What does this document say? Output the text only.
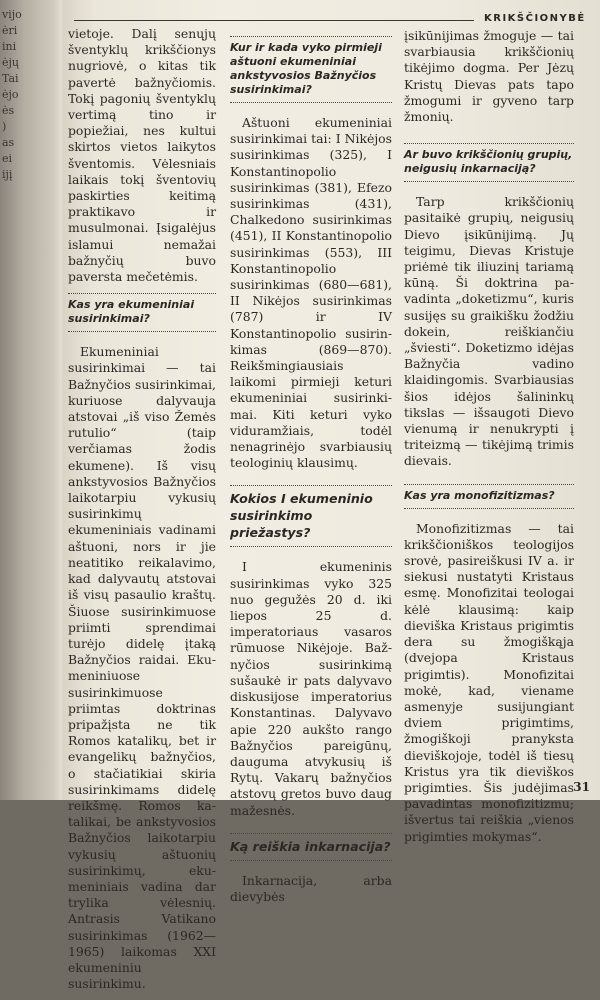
vijo
ėri
ini
ėjų
Tai
ėjo
ės
)
as
ei
ijį
KRIKŠČIONYBĖ

vietoje. Dalį senųjų šventyklų krikščionys nugriovė, o kitas tik pavertė bažnyčiomis. Tokį pagonių šventyklų vertimą tino ir popiežiai, nes kultui skirtos vietos laikytos šventomis. Vėlesniais laikais tokį šventovių paskirties keitimą praktikavo ir musulmonai. Įsigalėjus islamui nemažai bažnyčių buvo paversta mečetėmis.

Kas yra ekumeniniai susirinkimai?

Ekumeniniai susirinkimai — tai Bažnyčios susirinkimai, kuriuose dalyvauja atstovai „iš viso Žemės rutulio“ (taip verčiamas žodis ekumene). Iš visų ankstyvosios Bažnyčios laikotarpiu vykusių susirinkimų ekumeniniais vadinami aštuoni, nors ir jie neatitiko reikalavimo, kad dalyvautų atstovai iš visų pasaulio kraštų. Šiuose susirinkimuose priimti sprendimai turėjo didelę įtaką Bažnyčios raidai. Ekumeniniuose susirinkimuose priimtas doktrinas pripažįsta ne tik Romos katalikų, bet ir evangelikų bažnyčios, o stačiatikiai skiria susirinkimams didelę reikšmę. Romos katalikai, be ankstyvosios Bažnyčios laikotarpiu vykusių aštuonių susirinkimų, ekumeniniais vadina dar trylika vėlesnių. Antrasis Vatikano susirinkimas (1962—1965) laikomas XXI ekumeniniu susirinkimu.

Kur ir kada vyko pirmieji aštuoni ekumeniniai ankstyvosios Bažnyčios susirinkimai?

Aštuoni ekumeniniai susirinkimai tai: I Nikėjos susirinkimas (325), I Konstantinopolio susirinkimas (381), Efezo susirinkimas (431), Chalkedono susirinkimas (451), II Konstantinopolio susirinkimas (553), III Konstantinopolio susirinkimas (680—681), II Nikėjos susirinkimas (787) ir IV Konstantinopolio susirinkimas (869—870). Reikšmingiausiais laikomi pirmieji keturi ekumeniniai susirinkimai. Kiti keturi vyko viduramžiais, todėl nenagrinėjo svarbiausių teologinių klausimų.

Kokios I ekumeninio susirinkimo priežastys?

I ekumeninis susirinkimas vyko 325 nuo gegužės 20 d. iki liepos 25 d. imperatoriaus vasaros rūmuose Nikėjoje. Bažnyčios susirinkimą sušaukė ir pats dalyvavo diskusijose imperatorius Konstantinas. Dalyvavo apie 220 aukšto rango Bažnyčios pareigūnų, dauguma atvykusių iš Rytų. Vakarų bažnyčios atstovų gretos buvo daug mažesnės.

Ką reiškia inkarnacija?

Inkarnacija, arba dievybės

įsikūnijimas žmoguje — tai svarbiausia krikščionių tikėjimo dogma. Per Jėzų Kristų Dievas pats tapo žmogumi ir gyveno tarp žmonių.

Ar buvo krikščionių grupių, neigusių inkarnaciją?

Tarp krikščionių pasitaikė grupių, neigusių Dievo įsikūnijimą. Jų teigimu, Dievas Kristuje priėmė tik iliuzinį tariamą kūną. Ši doktrina pavadinta „doketizmu“, kuris susijęs su graikišku žodžiu dokein, reiškiančiu „šviesti“. Doketizmo idėjas Bažnyčia vadino klaidingomis. Svarbiausias šios idėjos šalininkų tikslas — išsaugoti Dievo vienumą ir nenukrypti į triteizmą — tikėjimą trimis dievais.

Kas yra monofizitizmas?

Monofizitizmas — tai krikščioniškos teologijos srovė, pasireiškusi IV a. ir siekusi nustatyti Kristaus esmę. Monofizitai teologai kėlė klausimą: kaip dieviška Kristaus prigimtis dera su žmogiškąja (dvejopa Kristaus prigimtis). Monofizitai mokė, kad, viename asmenyje susijungiant dviem prigimtims, žmogiškoji pranyksta dieviškojoje, todėl iš tiesų Kristus yra tik dieviškos prigimties. Šis judėjimas pavadintas monofizitizmu; išvertus tai reiškia „vienos prigimties mokymas“.

31
